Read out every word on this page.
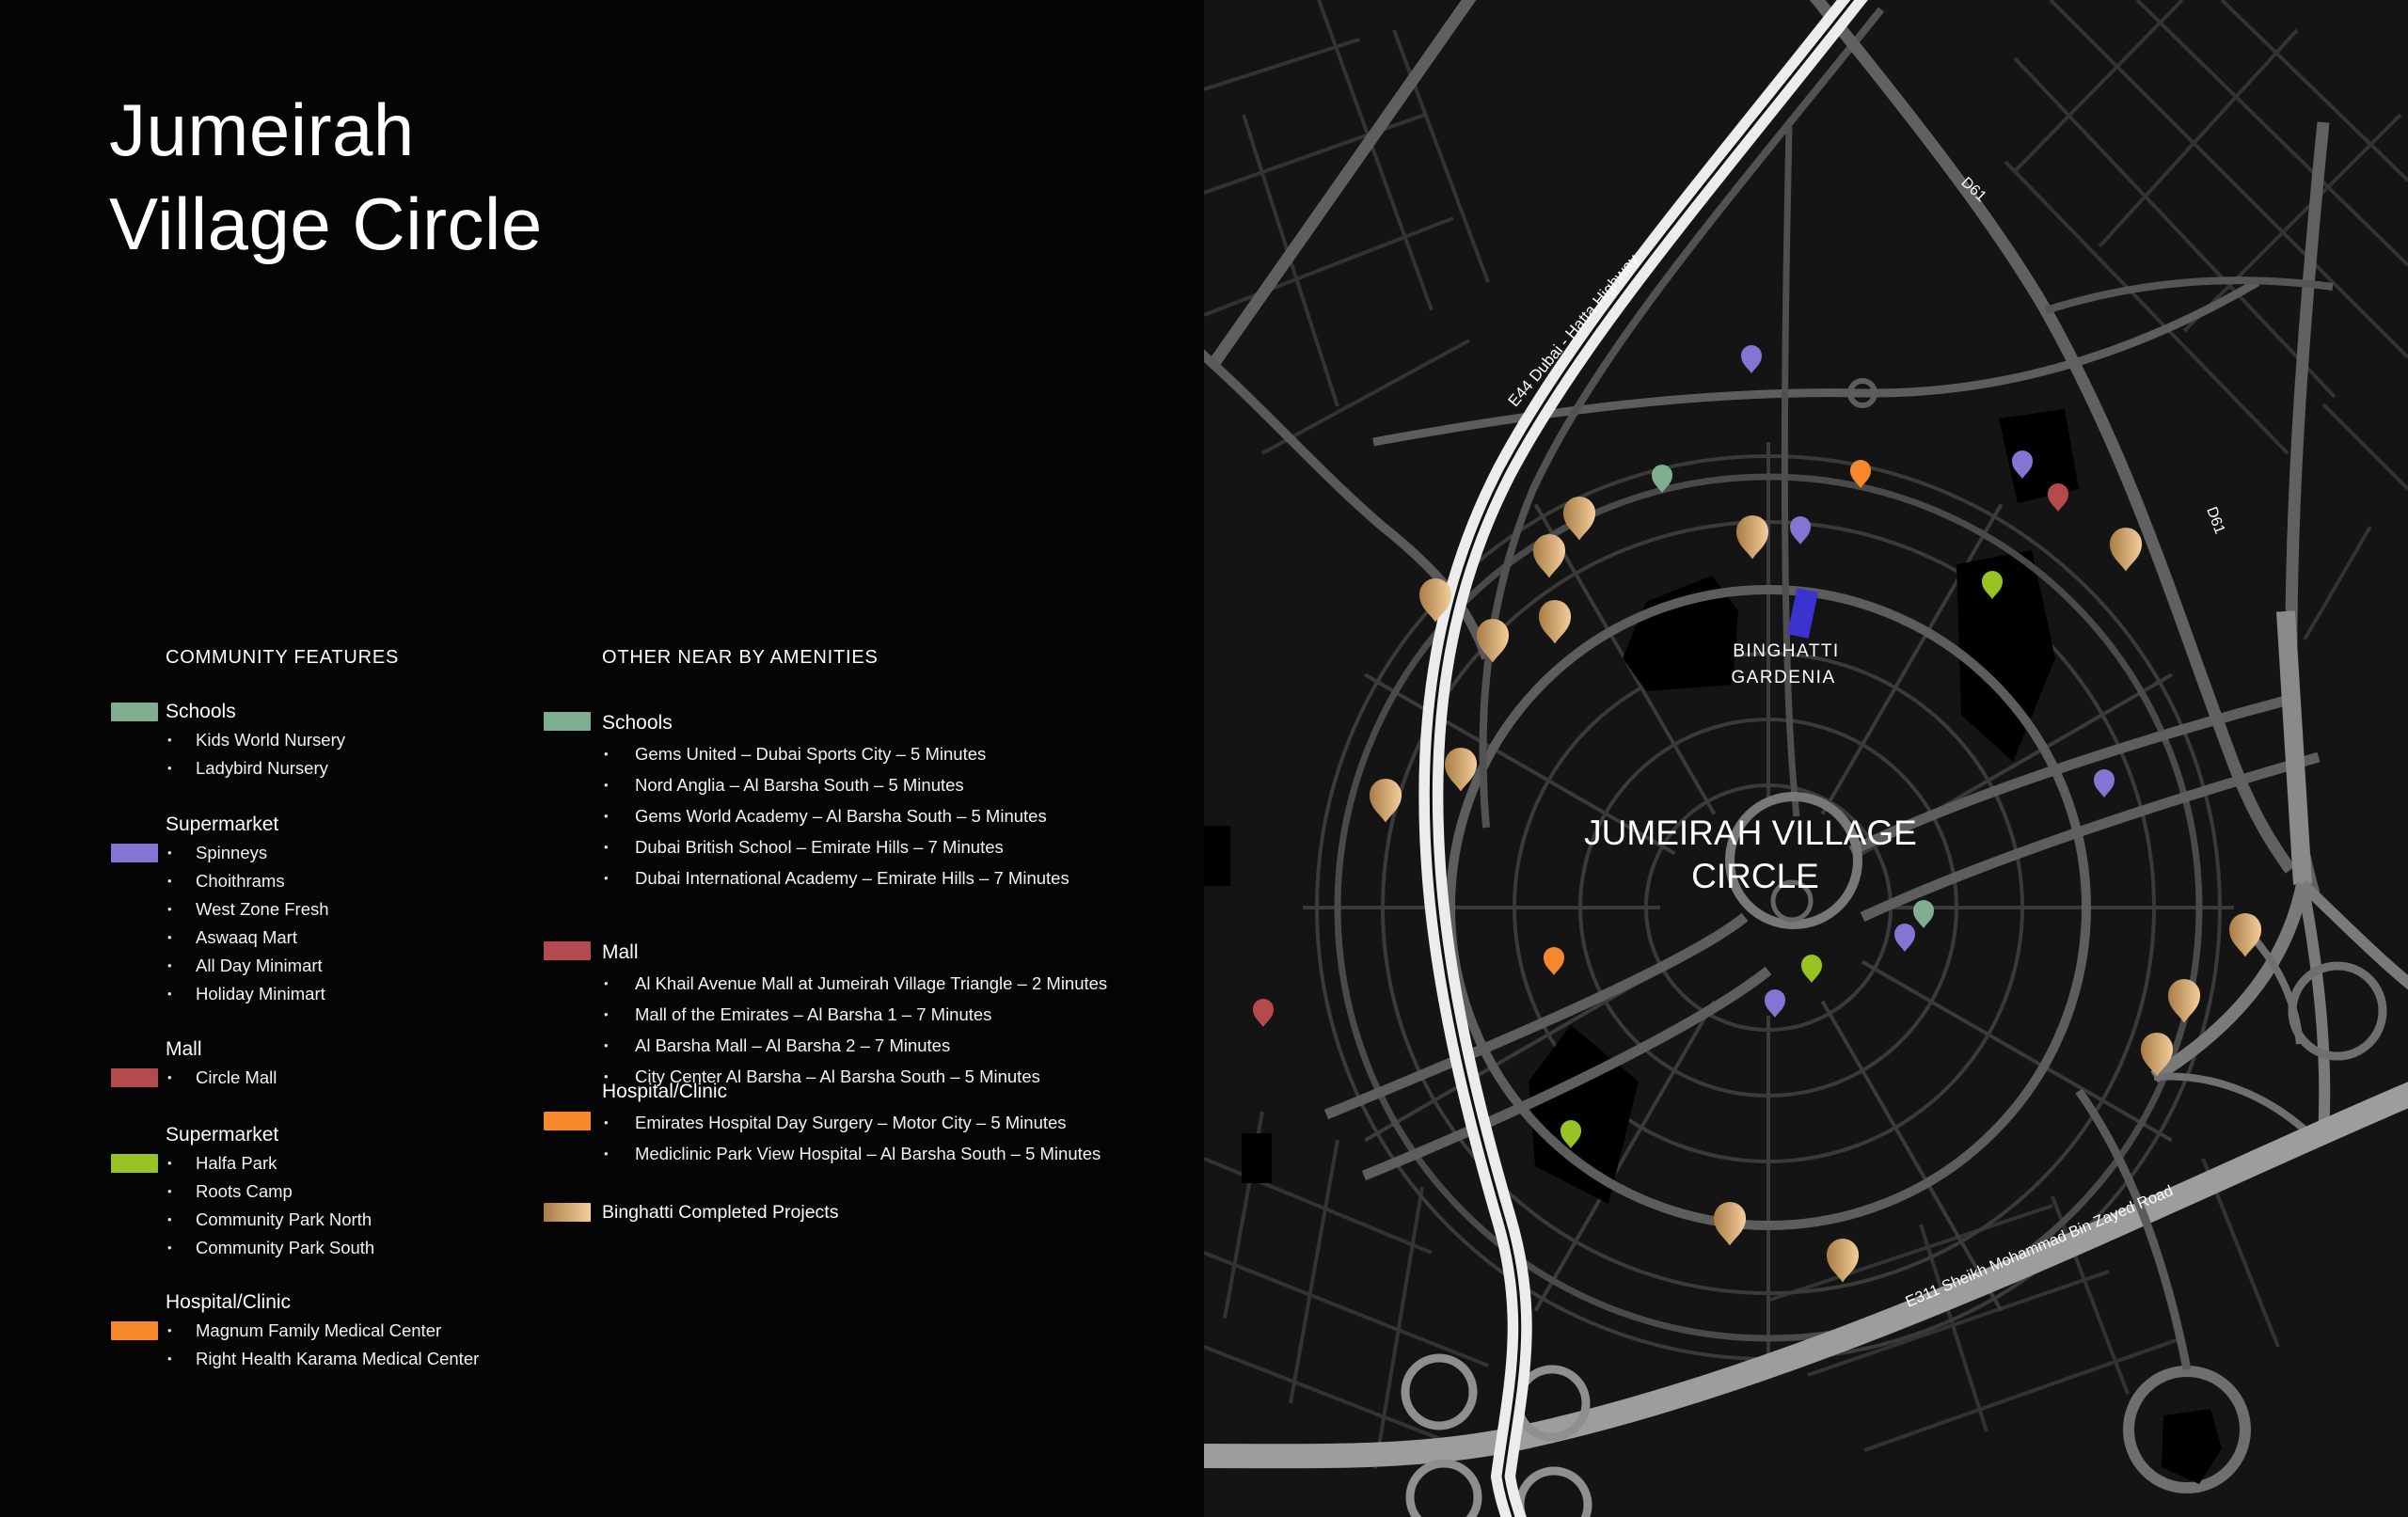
Jumeirah
Village Circle
COMMUNITY FEATURES
Schools
• Kids World Nursery
• Ladybird Nursery
Supermarket
• Spinneys
• Choithrams
• West Zone Fresh
• Aswaaq Mart
• All Day Minimart
• Holiday Minimart
Mall
• Circle Mall
Supermarket
• Halfa Park
• Roots Camp
• Community Park North
• Community Park South
Hospital/Clinic
• Magnum Family Medical Center
• Right Health Karama Medical Center
OTHER NEAR BY AMENITIES
Schools
• Gems United – Dubai Sports City – 5 Minutes
• Nord Anglia – Al Barsha South – 5 Minutes
• Gems World Academy – Al Barsha South – 5 Minutes
• Dubai British School – Emirate Hills – 7 Minutes
• Dubai International Academy – Emirate Hills – 7 Minutes
Mall
• Al Khail Avenue Mall at Jumeirah Village Triangle – 2 Minutes
• Mall of the Emirates – Al Barsha 1 – 7 Minutes
• Al Barsha Mall – Al Barsha 2 – 7 Minutes
• City Center Al Barsha – Al Barsha South – 5 Minutes
Hospital/Clinic
• Emirates Hospital Day Surgery – Motor City – 5 Minutes
• Mediclinic Park View Hospital – Al Barsha South – 5 Minutes
Binghatti Completed Projects
BINGHATTI
GARDENIA
JUMEIRAH VILLAGE
CIRCLE
E44 Dubai - Hatta Highway
D61
D61
E311 Sheikh Mohammad Bin Zayed Road
